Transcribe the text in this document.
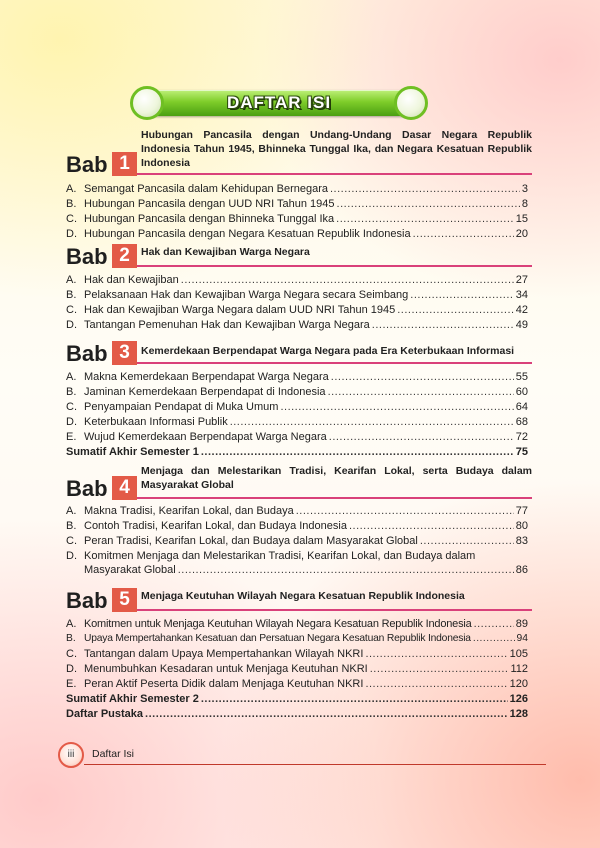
DAFTAR ISI
Hubungan Pancasila dengan Undang-Undang Dasar Negara Republik Indonesia Tahun 1945, Bhinneka Tunggal Ika, dan Negara Kesatuan Republik Indonesia
Bab 1
A. Semangat Pancasila dalam Kehidupan Bernegara .....	3
B. Hubungan Pancasila dengan UUD NRI Tahun 1945 .....	8
C. Hubungan Pancasila dengan Bhinneka Tunggal Ika .....	15
D. Hubungan Pancasila dengan Negara Kesatuan Republik Indonesia .....	20
Bab 2	Hak dan Kewajiban Warga Negara
A. Hak dan Kewajiban .....	27
B. Pelaksanaan Hak dan Kewajiban Warga Negara secara Seimbang .....	34
C. Hak dan Kewajiban Warga Negara dalam UUD NRI Tahun 1945 .....	42
D. Tantangan Pemenuhan Hak dan Kewajiban Warga Negara .....	49
Bab 3	Kemerdekaan Berpendapat Warga Negara pada Era Keterbukaan Informasi
A. Makna Kemerdekaan Berpendapat Warga Negara .....	55
B. Jaminan Kemerdekaan Berpendapat di Indonesia .....	60
C. Penyampaian Pendapat di Muka Umum .....	64
D. Keterbukaan Informasi Publik .....	68
E. Wujud Kemerdekaan Berpendapat Warga Negara .....	72
Sumatif Akhir Semester 1 .....	75
Menjaga dan Melestarikan Tradisi, Kearifan Lokal, serta Budaya dalam Masyarakat Global
Bab 4
A. Makna Tradisi, Kearifan Lokal, dan Budaya .....	77
B. Contoh Tradisi, Kearifan Lokal, dan Budaya Indonesia .....	80
C. Peran Tradisi, Kearifan Lokal, dan Budaya dalam Masyarakat Global .....	83
D. Komitmen Menjaga dan Melestarikan Tradisi, Kearifan Lokal, dan Budaya dalam
Masyarakat Global .....	86
Bab 5	Menjaga Keutuhan Wilayah Negara Kesatuan Republik Indonesia
A. Komitmen untuk Menjaga Keutuhan Wilayah Negara Kesatuan Republik Indonesia .....	89
B. Upaya Mempertahankan Kesatuan dan Persatuan Negara Kesatuan Republik Indonesia .....	94
C. Tantangan dalam Upaya Mempertahankan Wilayah NKRI .....	105
D. Menumbuhkan Kesadaran untuk Menjaga Keutuhan NKRI .....	112
E. Peran Aktif Peserta Didik dalam Menjaga Keutuhan NKRI .....	120
Sumatif Akhir Semester 2 .....	126
Daftar Pustaka .....	128
iii	Daftar Isi
